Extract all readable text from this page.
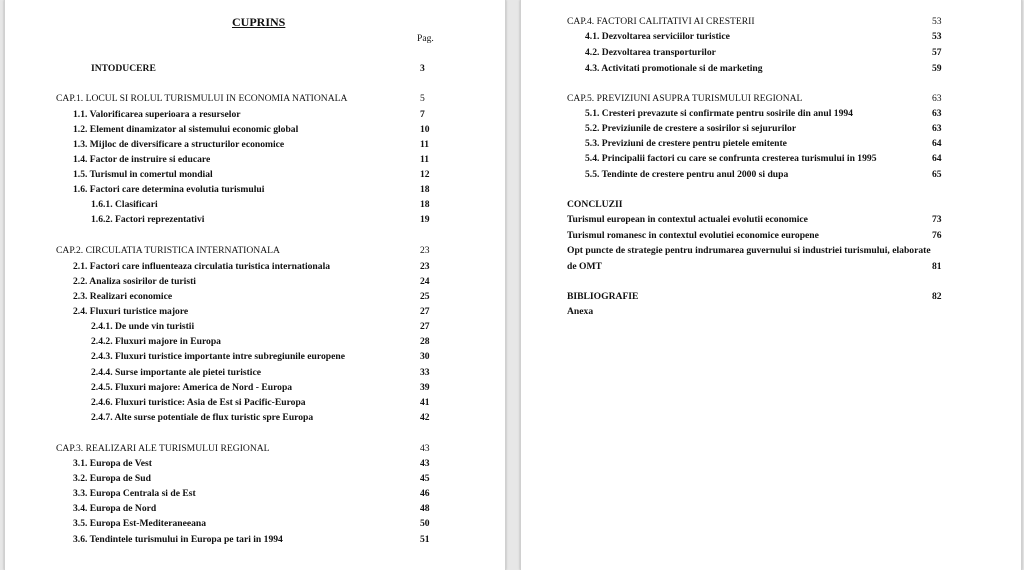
CUPRINS
Pag.
INTODUCERE	3
CAP.1. LOCUL SI ROLUL TURISMULUI IN ECONOMIA NATIONALA	5
1.1. Valorificarea superioara a resurselor	7
1.2. Element dinamizator al sistemului economic global	10
1.3. Mijloc de diversificare a structurilor economice	11
1.4. Factor de instruire si educare	11
1.5. Turismul in comertul mondial	12
1.6. Factori care determina evolutia turismului	18
1.6.1. Clasificari	18
1.6.2. Factori reprezentativi	19
CAP.2. CIRCULATIA TURISTICA INTERNATIONALA	23
2.1. Factori care influenteaza circulatia turistica internationala	23
2.2. Analiza sosirilor de turisti	24
2.3. Realizari economice	25
2.4. Fluxuri turistice majore	27
2.4.1. De unde vin turistii	27
2.4.2. Fluxuri majore in Europa	28
2.4.3. Fluxuri turistice importante intre subregiunile europene	30
2.4.4. Surse importante ale pietei turistice	33
2.4.5. Fluxuri majore: America de Nord - Europa	39
2.4.6. Fluxuri turistice: Asia de Est si Pacific-Europa	41
2.4.7. Alte surse potentiale de flux turistic spre Europa	42
CAP.3. REALIZARI ALE TURISMULUI REGIONAL	43
3.1. Europa de Vest	43
3.2. Europa de Sud	45
3.3. Europa Centrala si de Est	46
3.4. Europa de Nord	48
3.5. Europa Est-Mediteraneeana	50
3.6. Tendintele turismului in Europa pe tari in 1994	51
CAP.4. FACTORI CALITATIVI AI CRESTERII	53
4.1. Dezvoltarea serviciilor turistice	53
4.2. Dezvoltarea transporturilor	57
4.3. Activitati promotionale si de marketing	59
CAP.5. PREVIZIUNI ASUPRA TURISMULUI REGIONAL	63
5.1. Cresteri prevazute si confirmate pentru sosirile din anul 1994	63
5.2. Previziunile de crestere a sosirilor si sejururilor	63
5.3. Previziuni de crestere pentru pietele emitente	64
5.4. Principalii factori cu care se confrunta cresterea turismului in 1995	64
5.5. Tendinte de crestere pentru anul 2000 si dupa	65
CONCLUZII
Turismul european in contextul actualei evolutii economice	73
Turismul romanesc in contextul evolutiei economice europene	76
Opt puncte de strategie pentru indrumarea guvernului si industriei turismului, elaborate
de OMT	81
BIBLIOGRAFIE	82
Anexa
